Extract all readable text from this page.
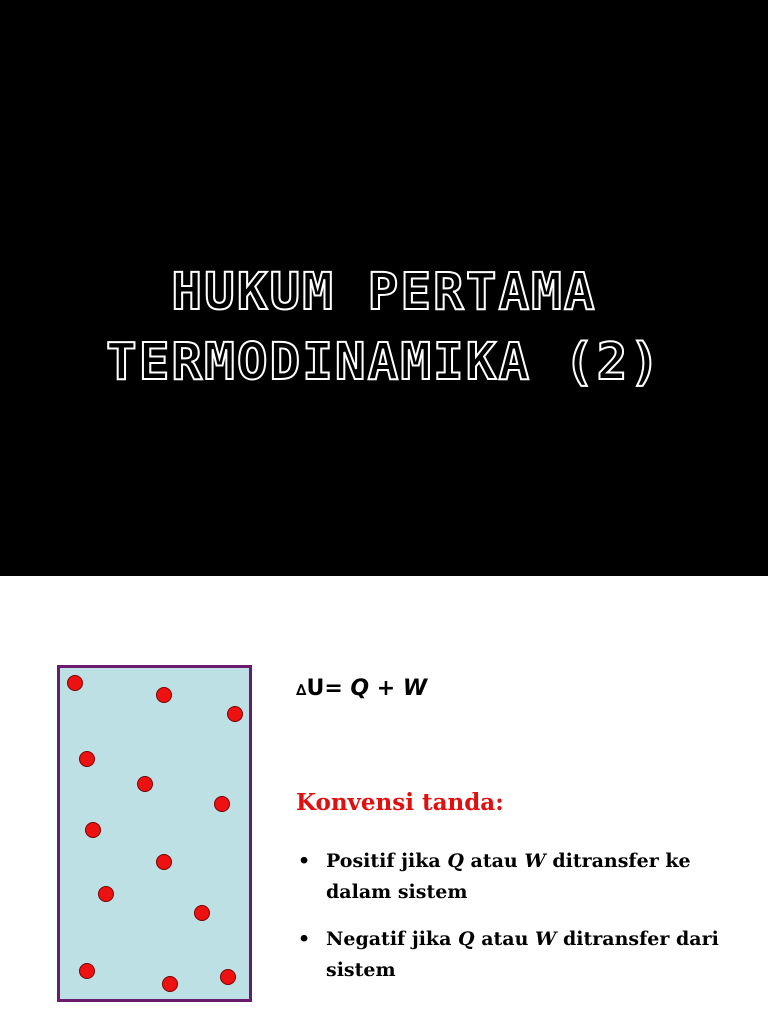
HUKUM PERTAMA
TERMODINAMIKA (2)
∆U= Q + W
Konvensi tanda:
• Positif jika Q atau W ditransfer ke dalam sistem
• Negatif jika Q atau W ditransfer dari sistem
